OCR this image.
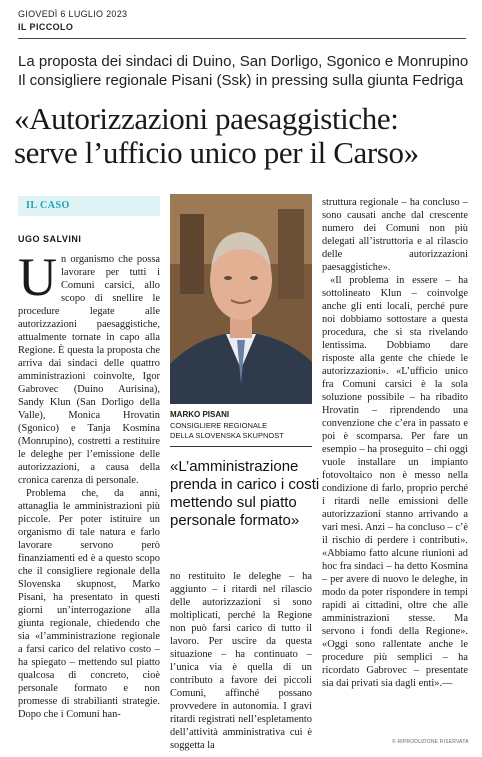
GIOVEDÌ 6 LUGLIO 2023
IL PICCOLO
La proposta dei sindaci di Duino, San Dorligo, Sgonico e Monrupino
Il consigliere regionale Pisani (Ssk) in pressing sulla giunta Fedriga
«Autorizzazioni paesaggistiche:
serve l’ufficio unico per il Carso»
IL CASO
UGO SALVINI

Un organismo che possa lavorare per tutti i Comuni carsici, allo scopo di snellire le procedure legate alle autorizzazioni paesaggistiche, attualmente tornate in capo alla Regione. È questa la proposta che arriva dai sindaci delle quattro amministrazioni coinvolte, Igor Gabrovec (Duino Aurisina), Sandy Klun (San Dorligo della Valle), Monica Hrovatin (Sgonico) e Tanja Kosmina (Monrupino), costretti a restituire le deleghe per l’emissione delle autorizzazioni, a causa della cronica carenza di personale.

Problema che, da anni, attanaglia le amministrazioni più piccole. Per poter istituire un organismo di tale natura e farlo lavorare servono però finanziamenti ed è a questo scopo che il consigliere regionale della Slovenska skupnost, Marko Pisani, ha presentato in questi giorni un’interrogazione alla giunta regionale, chiedendo che sia «l’amministrazione regionale a farsi carico del relativo costo – ha spiegato – mettendo sul piatto qualcosa di concreto, cioè personale formato e non promesse di strabilianti strategie. Dopo che i Comuni han-

MARKO PISANI
CONSIGLIERE REGIONALE
DELLA SLOVENSKA SKUPNOST
«L’amministrazione prenda in carico i costi mettendo sul piatto personale formato»

no restituito le deleghe – ha aggiunto – i ritardi nel rilascio delle autorizzazioni si sono moltiplicati, perché la Regione non può farsi carico di tutto il lavoro. Per uscire da questa situazione – ha continuato – l’unica via è quella di un contributo a favore dei piccoli Comuni, affinché possano provvedere in autonomia. I gravi ritardi registrati nell’espletamento dell’attività amministrativa cui è soggetta la

struttura regionale – ha concluso – sono causati anche dal crescente numero dei Comuni non più delegati all’istruttoria e al rilascio delle autorizzazioni paesaggistiche».

«Il problema in essere – ha sottolineato Klun – coinvolge anche gli enti locali, perché pure noi dobbiamo sottostare a questa procedura, che si sta rivelando lentissima. Dobbiamo dare risposte alla gente che chiede le autorizzazioni». «L’ufficio unico fra Comuni carsici è la sola soluzione possibile – ha ribadito Hrovatin – riprendendo una convenzione che c’era in passato e poi è scomparsa. Per fare un esempio – ha proseguito – chi oggi vuole installare un impianto fotovoltaico non è messo nella condizione di farlo, proprio perché i ritardi nelle emissioni delle autorizzazioni stanno arrivando a vari mesi. Anzi – ha concluso – c’è il rischio di perdere i contributi». «Abbiamo fatto alcune riunioni ad hoc fra sindaci – ha detto Kosmina – per avere di nuovo le deleghe, in modo da poter rispondere in tempi rapidi ai cittadini, oltre che alle amministrazioni stesse. Ma servono i fondi della Regione». «Oggi sono rallentate anche le procedure più semplici – ha ricordato Gabrovec – presentate sia dai privati sia dagli enti».—

© RIPRODUZIONE RISERVATA
